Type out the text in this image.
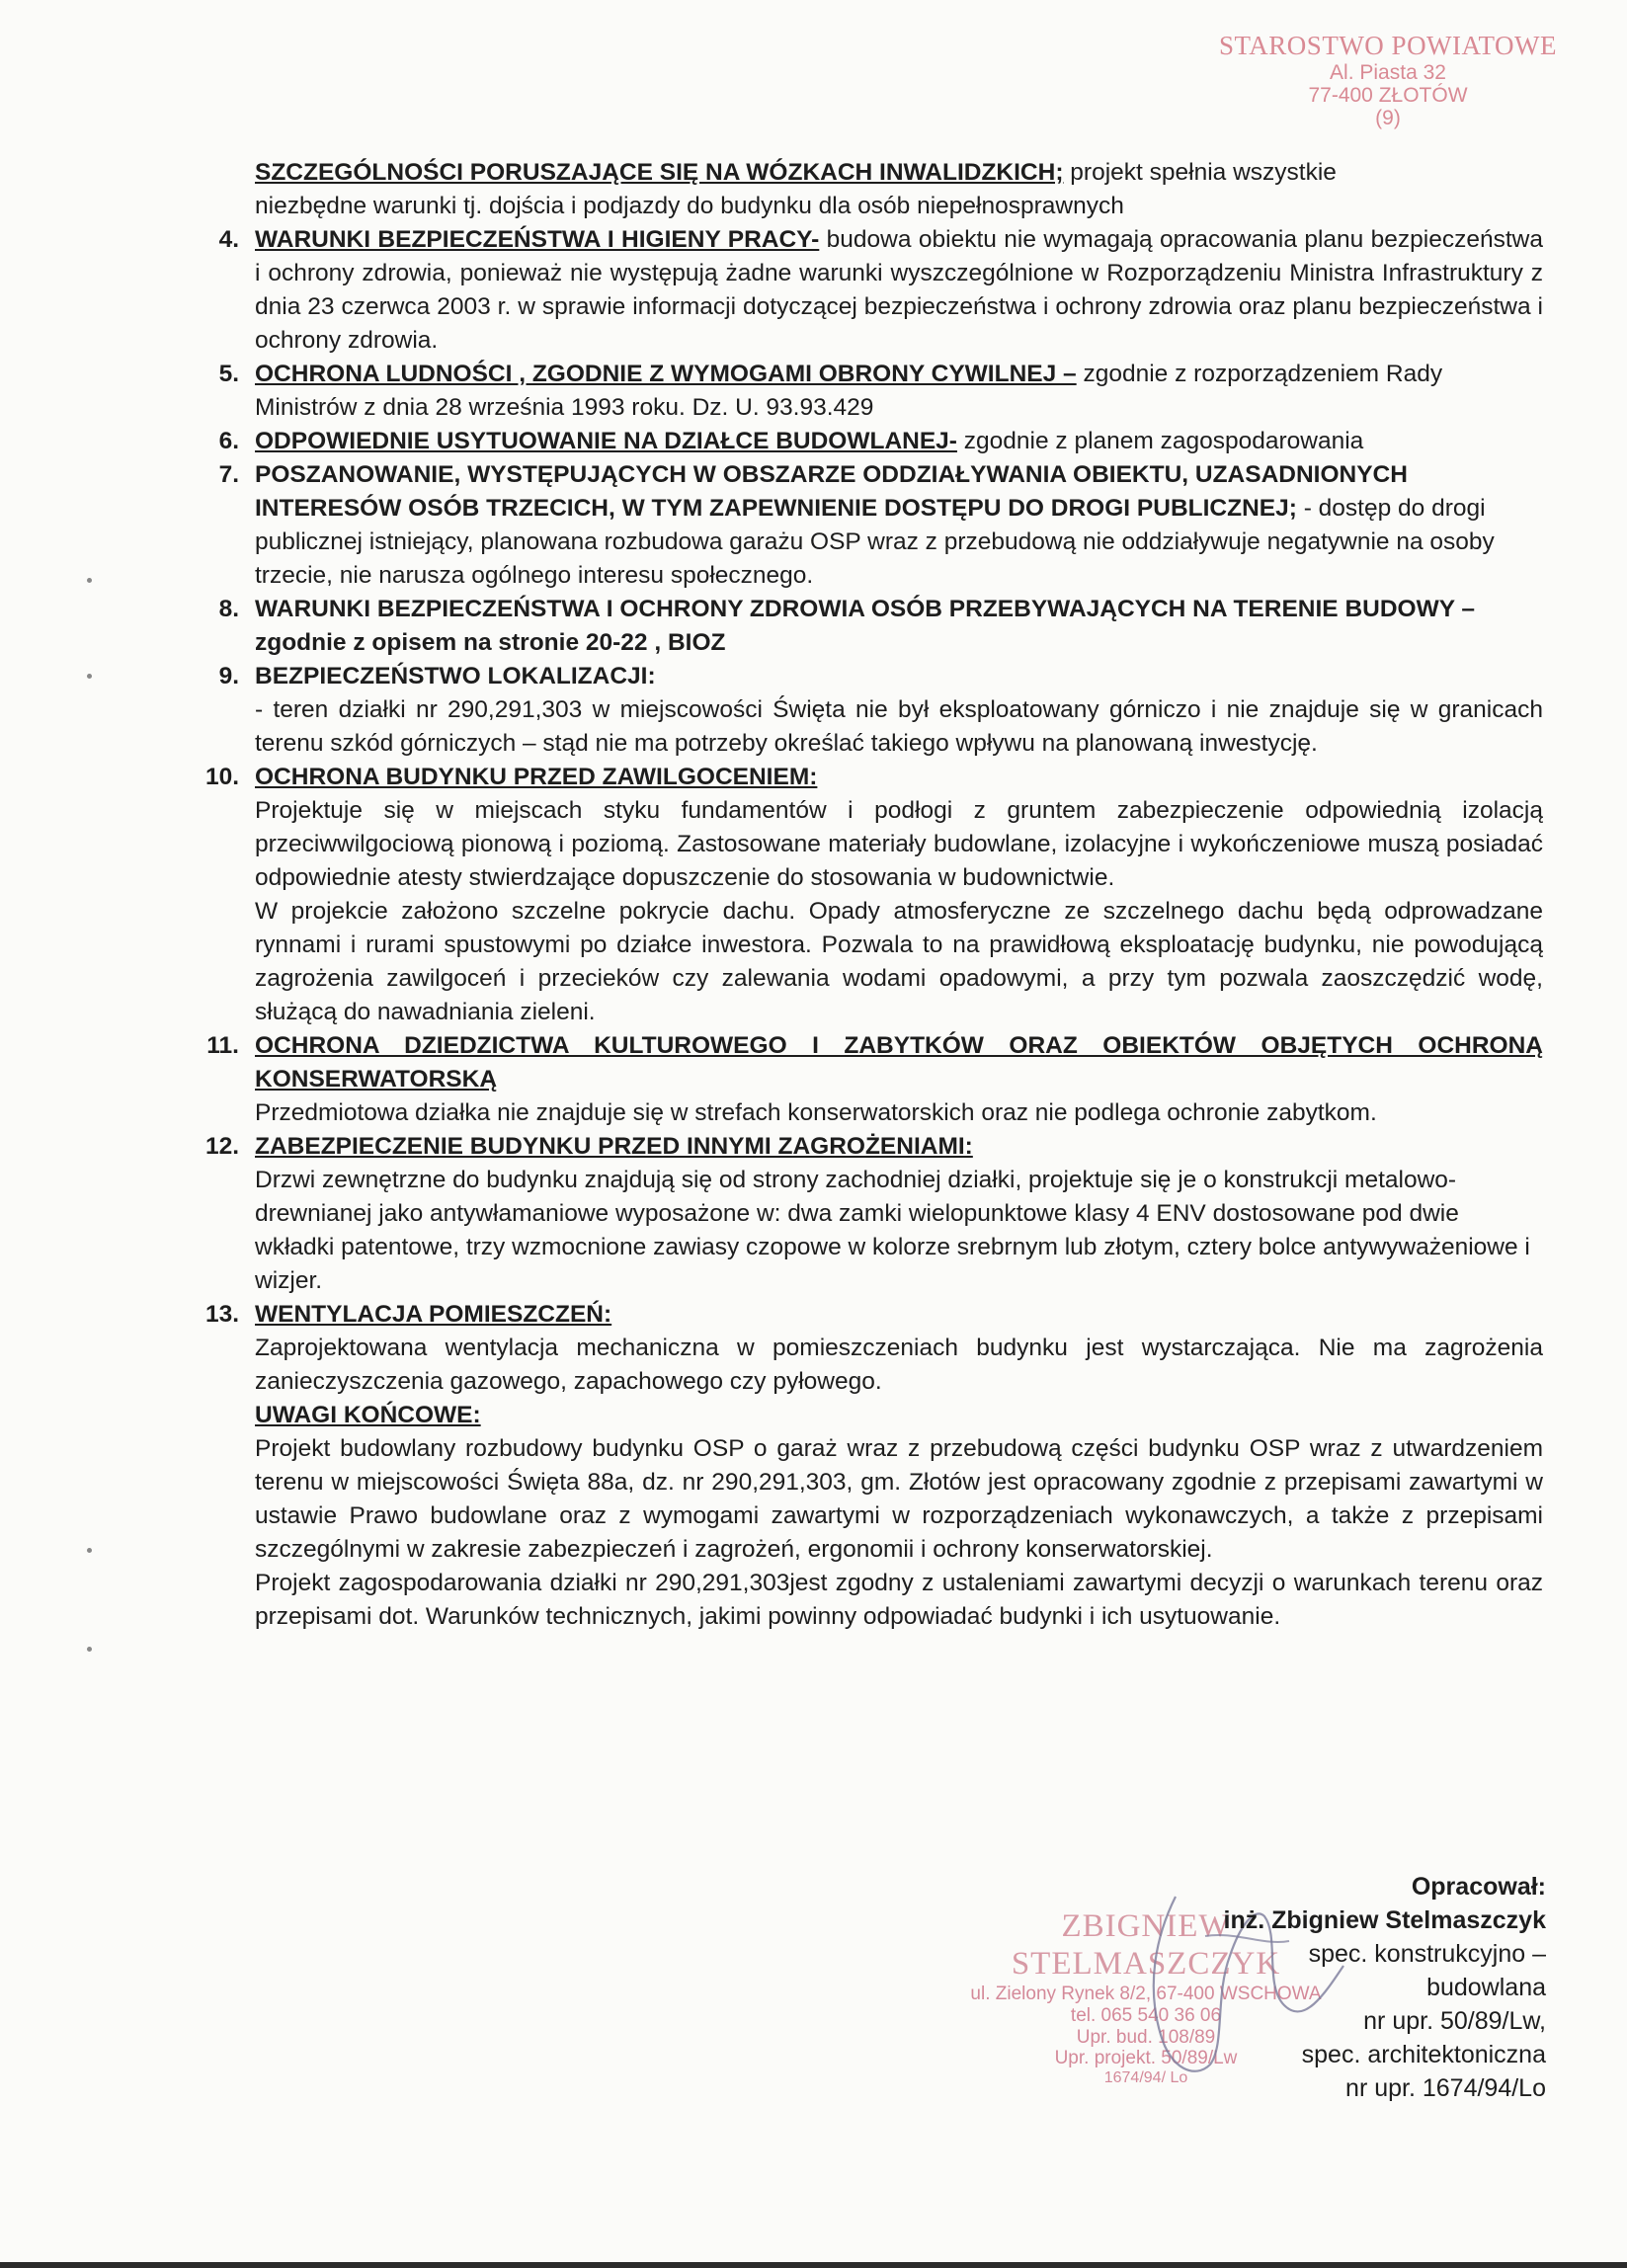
STAROSTWO POWIATOWE
Al. Piasta 32
77-400 ZŁOTÓW
(9)
SZCZEGÓLNOŚCI PORUSZAJĄCE SIĘ NA WÓZKACH INWALIDZKICH; projekt spełnia wszystkie
niezbędne warunki tj. dojścia i podjazdy do budynku dla osób niepełnosprawnych
4. WARUNKI BEZPIECZEŃSTWA I HIGIENY PRACY- budowa obiektu nie wymagają opracowania planu bezpieczeństwa i ochrony zdrowia, ponieważ nie występują żadne warunki wyszczególnione w Rozporządzeniu Ministra Infrastruktury z dnia 23 czerwca 2003 r. w sprawie informacji dotyczącej bezpieczeństwa i ochrony zdrowia oraz planu bezpieczeństwa i ochrony zdrowia.
5. OCHRONA LUDNOŚCI , ZGODNIE Z WYMOGAMI OBRONY CYWILNEJ – zgodnie z rozporządzeniem Rady Ministrów z dnia 28 września 1993 roku. Dz. U. 93.93.429
6. ODPOWIEDNIE USYTUOWANIE NA DZIAŁCE BUDOWLANEJ- zgodnie z planem zagospodarowania
7. POSZANOWANIE, WYSTĘPUJĄCYCH W OBSZARZE ODDZIAŁYWANIA OBIEKTU, UZASADNIONYCH INTERESÓW OSÓB TRZECICH, W TYM ZAPEWNIENIE DOSTĘPU DO DROGI PUBLICZNEJ; - dostęp do drogi publicznej istniejący, planowana rozbudowa garażu OSP wraz z przebudową nie oddziaływuje negatywnie na osoby trzecie, nie narusza ogólnego interesu społecznego.
8. WARUNKI BEZPIECZEŃSTWA I OCHRONY ZDROWIA OSÓB PRZEBYWAJĄCYCH NA TERENIE BUDOWY – zgodnie z opisem na stronie 20-22 , BIOZ
9. BEZPIECZEŃSTWO LOKALIZACJI:

- teren działki nr 290,291,303 w miejscowości Święta nie był eksploatowany górniczo i nie znajduje się w granicach terenu szkód górniczych – stąd nie ma potrzeby określać takiego wpływu na planowaną inwestycję.

10. OCHRONA BUDYNKU PRZED ZAWILGOCENIEM:

Projektuje się w miejscach styku fundamentów i podłogi z gruntem zabezpieczenie odpowiednią izolacją przeciwwilgociową pionową i poziomą. Zastosowane materiały budowlane, izolacyjne i wykończeniowe muszą posiadać odpowiednie atesty stwierdzające dopuszczenie do stosowania w budownictwie.

W projekcie założono szczelne pokrycie dachu. Opady atmosferyczne ze szczelnego dachu będą odprowadzane rynnami i rurami spustowymi po działce inwestora. Pozwala to na prawidłową eksploatację budynku, nie powodującą zagrożenia zawilgoceń i przecieków czy zalewania wodami opadowymi, a przy tym pozwala zaoszczędzić wodę, służącą do nawadniania zieleni.

11. OCHRONA DZIEDZICTWA KULTUROWEGO I ZABYTKÓW ORAZ OBIEKTÓW OBJĘTYCH OCHRONĄ KONSERWATORSKĄ

Przedmiotowa działka nie znajduje się w strefach konserwatorskich oraz nie podlega ochronie zabytkom.

12. ZABEZPIECZENIE BUDYNKU PRZED INNYMI ZAGROŻENIAMI:

Drzwi zewnętrzne do budynku znajdują się od strony zachodniej działki, projektuje się je o konstrukcji metalowo-drewnianej jako antywłamaniowe wyposażone w: dwa zamki wielopunktowe klasy 4 ENV dostosowane pod dwie wkładki patentowe, trzy wzmocnione zawiasy czopowe w kolorze srebrnym lub złotym, cztery bolce antywyważeniowe i wizjer.

13. WENTYLACJA POMIESZCZEŃ:

Zaprojektowana wentylacja mechaniczna w pomieszczeniach budynku jest wystarczająca. Nie ma zagrożenia zanieczyszczenia gazowego, zapachowego czy pyłowego.

UWAGI KOŃCOWE:

Projekt budowlany rozbudowy budynku OSP o garaż wraz z przebudową części budynku OSP wraz z utwardzeniem terenu w miejscowości Święta 88a, dz. nr 290,291,303, gm. Złotów jest opracowany zgodnie z przepisami zawartymi w ustawie Prawo budowlane oraz z wymogami zawartymi w rozporządzeniach wykonawczych, a także z przepisami szczególnymi w zakresie zabezpieczeń i zagrożeń, ergonomii i ochrony konserwatorskiej.

Projekt zagospodarowania działki nr 290,291,303jest zgodny z ustaleniami zawartymi decyzji o warunkach terenu oraz przepisami dot. Warunków technicznych, jakimi powinny odpowiadać budynki i ich usytuowanie.

ZBIGNIEW STELMASZCZYK
ul. Zielony Rynek 8/2, 67-400 WSCHOWA
tel. 065 540 36 06
Upr. bud. 108/89
Upr. projekt. 50/89/Lw
1674/94/ Lo
Opracował:
inż. Zbigniew Stelmaszczyk
spec. konstrukcyjno – budowlana
nr upr. 50/89/Lw,
spec. architektoniczna
nr upr. 1674/94/Lo
